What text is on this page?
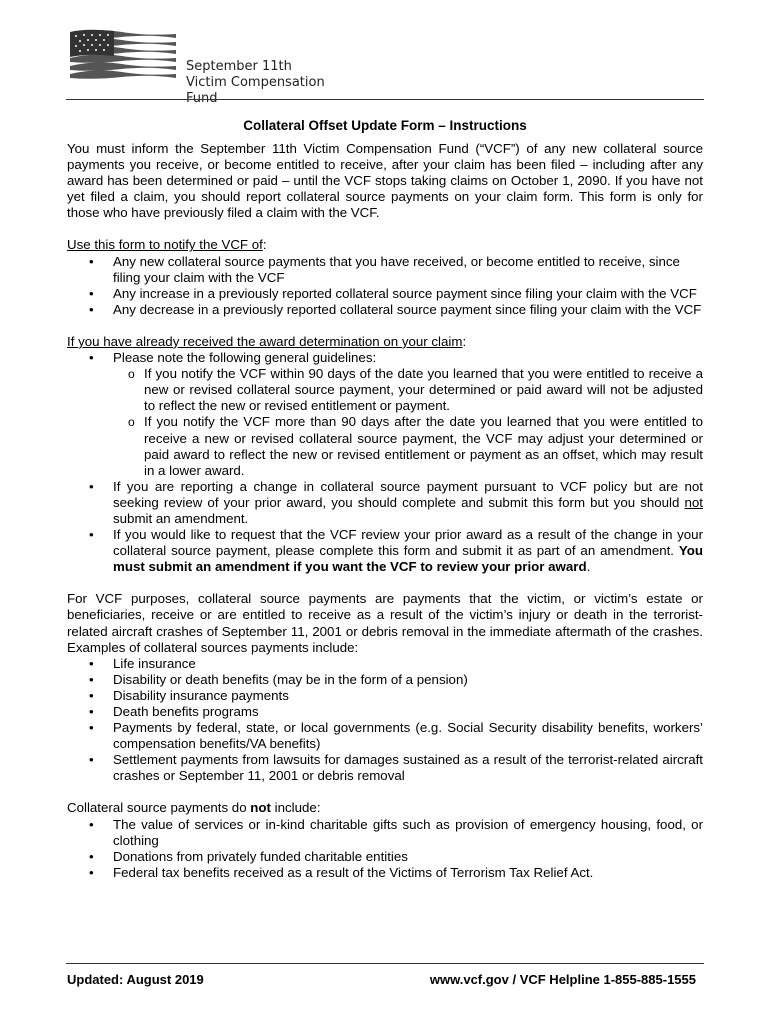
September 11th
Victim Compensation Fund
Collateral Offset Update Form – Instructions

You must inform the September 11th Victim Compensation Fund (“VCF”) of any new collateral source payments you receive, or become entitled to receive, after your claim has been filed – including after any award has been determined or paid – until the VCF stops taking claims on October 1, 2090. If you have not yet filed a claim, you should report collateral source payments on your claim form. This form is only for those who have previously filed a claim with the VCF.

Use this form to notify the VCF of:

• Any new collateral source payments that you have received, or become entitled to receive, since filing your claim with the VCF
• Any increase in a previously reported collateral source payment since filing your claim with the VCF
• Any decrease in a previously reported collateral source payment since filing your claim with the VCF

If you have already received the award determination on your claim:

• Please note the following general guidelines:
o If you notify the VCF within 90 days of the date you learned that you were entitled to receive a new or revised collateral source payment, your determined or paid award will not be adjusted to reflect the new or revised entitlement or payment.
o If you notify the VCF more than 90 days after the date you learned that you were entitled to receive a new or revised collateral source payment, the VCF may adjust your determined or paid award to reflect the new or revised entitlement or payment as an offset, which may result in a lower award.
• If you are reporting a change in collateral source payment pursuant to VCF policy but are not seeking review of your prior award, you should complete and submit this form but you should not submit an amendment.
• If you would like to request that the VCF review your prior award as a result of the change in your collateral source payment, please complete this form and submit it as part of an amendment. You must submit an amendment if you want the VCF to review your prior award.

For VCF purposes, collateral source payments are payments that the victim, or victim’s estate or beneficiaries, receive or are entitled to receive as a result of the victim’s injury or death in the terrorist-related aircraft crashes of September 11, 2001 or debris removal in the immediate aftermath of the crashes. Examples of collateral sources payments include:

• Life insurance
• Disability or death benefits (may be in the form of a pension)
• Disability insurance payments
• Death benefits programs
• Payments by federal, state, or local governments (e.g. Social Security disability benefits, workers’ compensation benefits/VA benefits)
• Settlement payments from lawsuits for damages sustained as a result of the terrorist-related aircraft crashes or September 11, 2001 or debris removal

Collateral source payments do not include:

• The value of services or in-kind charitable gifts such as provision of emergency housing, food, or clothing
• Donations from privately funded charitable entities
• Federal tax benefits received as a result of the Victims of Terrorism Tax Relief Act.
Updated: August 2019	www.vcf.gov / VCF Helpline 1-855-885-1555
